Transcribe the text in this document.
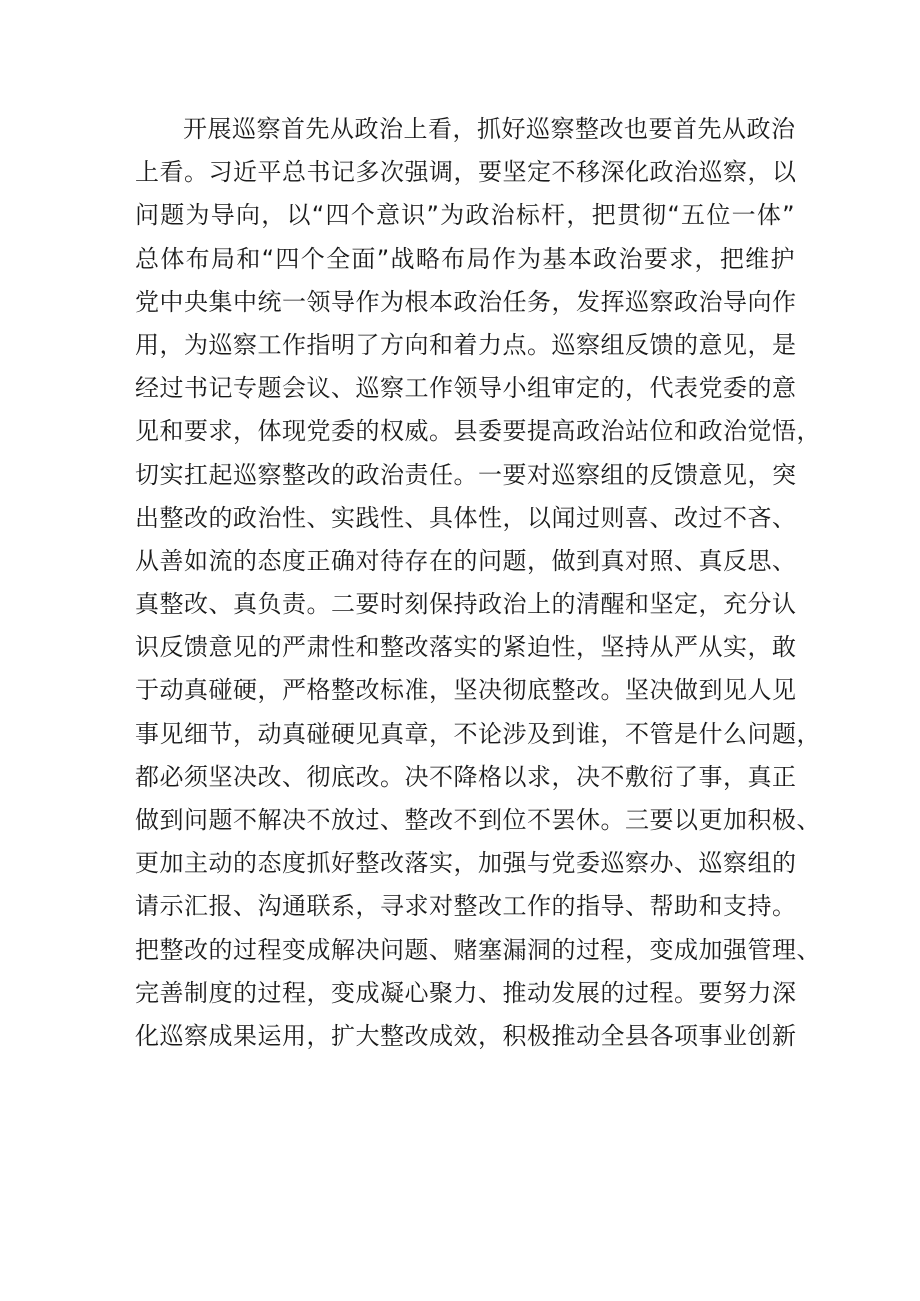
开展巡察首先从政治上看，抓好巡察整改也要首先从政治
上看。习近平总书记多次强调，要坚定不移深化政治巡察，以
问题为导向，以“四个意识”为政治标杆，把贯彻“五位一体”
总体布局和“四个全面”战略布局作为基本政治要求，把维护
党中央集中统一领导作为根本政治任务，发挥巡察政治导向作
用，为巡察工作指明了方向和着力点。巡察组反馈的意见，是
经过书记专题会议、巡察工作领导小组审定的，代表党委的意
见和要求，体现党委的权威。县委要提高政治站位和政治觉悟，
切实扛起巡察整改的政治责任。一要对巡察组的反馈意见，突
出整改的政治性、实践性、具体性，以闻过则喜、改过不吝、
从善如流的态度正确对待存在的问题，做到真对照、真反思、
真整改、真负责。二要时刻保持政治上的清醒和坚定，充分认
识反馈意见的严肃性和整改落实的紧迫性，坚持从严从实，敢
于动真碰硬，严格整改标准，坚决彻底整改。坚决做到见人见
事见细节，动真碰硬见真章，不论涉及到谁，不管是什么问题，
都必须坚决改、彻底改。决不降格以求，决不敷衍了事，真正
做到问题不解决不放过、整改不到位不罢休。三要以更加积极、
更加主动的态度抓好整改落实，加强与党委巡察办、巡察组的
请示汇报、沟通联系，寻求对整改工作的指导、帮助和支持。
把整改的过程变成解决问题、赌塞漏洞的过程，变成加强管理、
完善制度的过程，变成凝心聚力、推动发展的过程。要努力深
化巡察成果运用，扩大整改成效，积极推动全县各项事业创新
